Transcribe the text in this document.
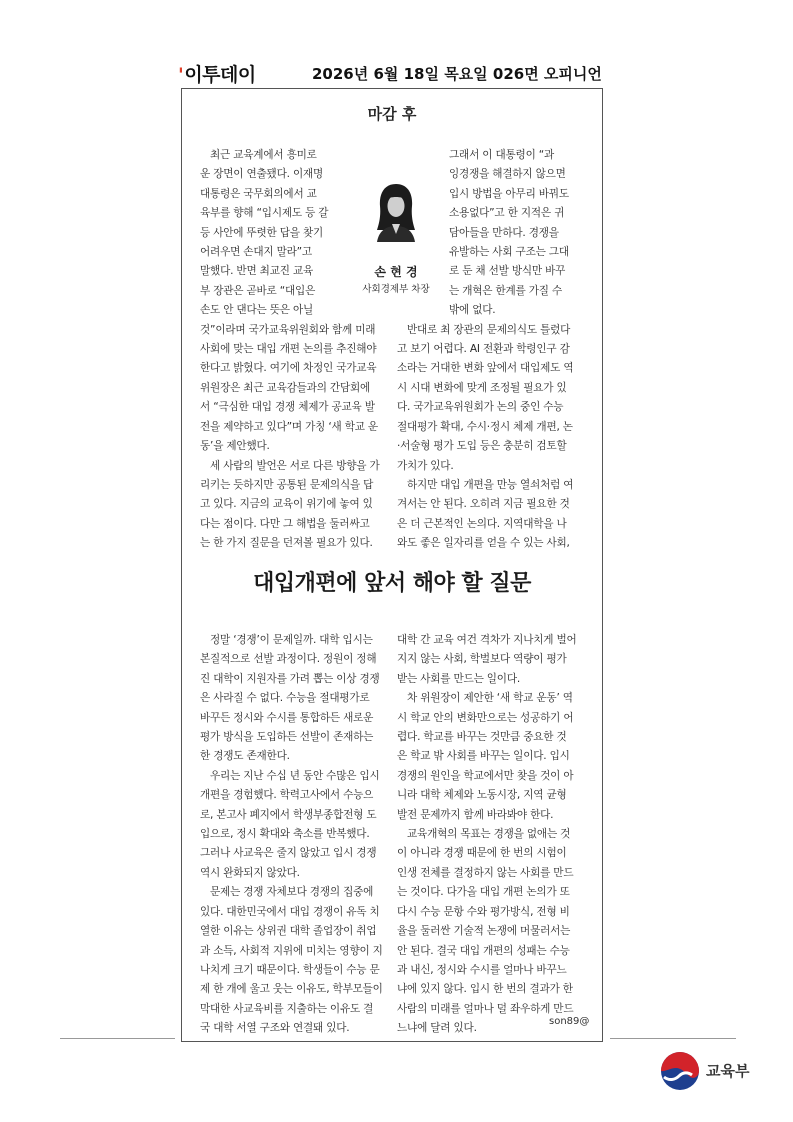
'이투데이	2026년 6월 18일 목요일 026면 오피니언
마감 후
최근 교육계에서 흥미로
운 장면이 연출됐다. 이재명
대통령은 국무회의에서 교
육부를 향해 “입시제도 등 갈
등 사안에 뚜렷한 답을 찾기
어려우면 손대지 말라”고
말했다. 반면 최교진 교육
부 장관은 곧바로 “대입은
손도 안 댄다는 뜻은 아닐
것”이라며 국가교육위원회와 함께 미래
사회에 맞는 대입 개편 논의를 추진해야
한다고 밝혔다. 여기에 차정인 국가교육
위원장은 최근 교육감들과의 간담회에
서 “극심한 대입 경쟁 체제가 공교육 발
전을 제약하고 있다”며 가칭 ‘새 학교 운
동’을 제안했다.
세 사람의 발언은 서로 다른 방향을 가
리키는 듯하지만 공통된 문제의식을 답
고 있다. 지금의 교육이 위기에 놓여 있
다는 점이다. 다만 그 해법을 둘러싸고
는 한 가지 질문을 던져볼 필요가 있다.
그래서 이 대통령이 “과
잉경쟁을 해결하지 않으면
입시 방법을 아무리 바꿔도
소용없다”고 한 지적은 귀
담아들을 만하다. 경쟁을
유발하는 사회 구조는 그대
로 둔 채 선발 방식만 바꾸
는 개혁은 한계를 가질 수
밖에 없다.
반대로 최 장관의 문제의식도 틀렸다
고 보기 어렵다. AI 전환과 학령인구 감
소라는 거대한 변화 앞에서 대입제도 역
시 시대 변화에 맞게 조정될 필요가 있
다. 국가교육위원회가 논의 중인 수능
절대평가 확대, 수시·정시 체제 개편, 논
·서술형 평가 도입 등은 충분히 검토할
가치가 있다.
하지만 대입 개편을 만능 열쇠처럼 여
겨서는 안 된다. 오히려 지금 필요한 것
은 더 근본적인 논의다. 지역대학을 나
와도 좋은 일자리를 얻을 수 있는 사회,
손 현 경
사회경제부 차장
대입개편에 앞서 해야 할 질문
정말 ‘경쟁’이 문제일까. 대학 입시는
본질적으로 선발 과정이다. 정원이 정해
진 대학이 지원자를 가려 뽑는 이상 경쟁
은 사라질 수 없다. 수능을 절대평가로
바꾸든 정시와 수시를 통합하든 새로운
평가 방식을 도입하든 선발이 존재하는
한 경쟁도 존재한다.
우리는 지난 수십 년 동안 수많은 입시
개편을 경험했다. 학력고사에서 수능으
로, 본고사 폐지에서 학생부종합전형 도
입으로, 정시 확대와 축소를 반복했다.
그러나 사교육은 줄지 않았고 입시 경쟁
역시 완화되지 않았다.
문제는 경쟁 자체보다 경쟁의 집중에
있다. 대한민국에서 대입 경쟁이 유독 치
열한 이유는 상위권 대학 졸업장이 취업
과 소득, 사회적 지위에 미치는 영향이 지
나치게 크기 때문이다. 학생들이 수능 문
제 한 개에 울고 웃는 이유도, 학부모들이
막대한 사교육비를 지출하는 이유도 결
국 대학 서열 구조와 연결돼 있다.
대학 간 교육 여건 격차가 지나치게 벌어
지지 않는 사회, 학벌보다 역량이 평가
받는 사회를 만드는 일이다.
차 위원장이 제안한 ‘새 학교 운동’ 역
시 학교 안의 변화만으로는 성공하기 어
렵다. 학교를 바꾸는 것만큼 중요한 것
은 학교 밖 사회를 바꾸는 일이다. 입시
경쟁의 원인을 학교에서만 찾을 것이 아
니라 대학 체제와 노동시장, 지역 균형
발전 문제까지 함께 바라봐야 한다.
교육개혁의 목표는 경쟁을 없애는 것
이 아니라 경쟁 때문에 한 번의 시험이
인생 전체를 결정하지 않는 사회를 만드
는 것이다. 다가올 대입 개편 논의가 또
다시 수능 문항 수와 평가방식, 전형 비
율을 둘러싼 기술적 논쟁에 머물러서는
안 된다. 결국 대입 개편의 성패는 수능
과 내신, 정시와 수시를 얼마나 바꾸느
냐에 있지 않다. 입시 한 번의 결과가 한
사람의 미래를 얼마나 덜 좌우하게 만드
느냐에 달려 있다.
son89@
교육부
